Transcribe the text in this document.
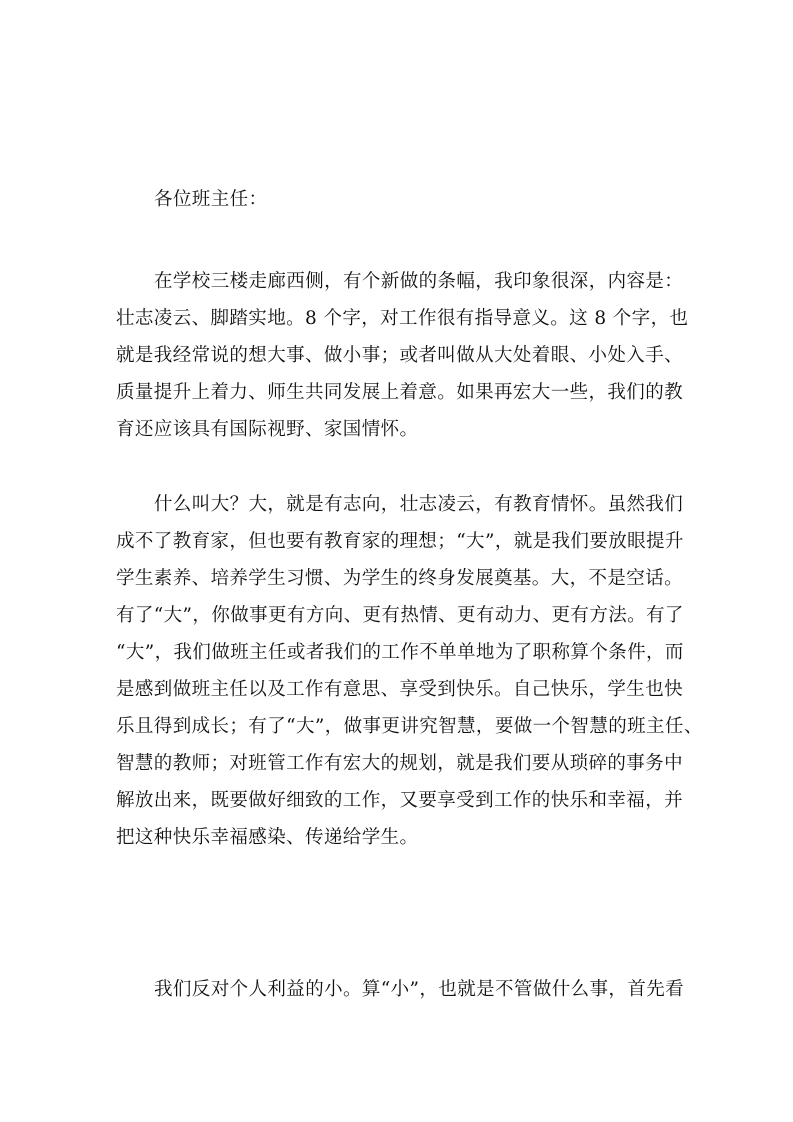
各位班主任：
在学校三楼走廊西侧，有个新做的条幅，我印象很深，内容是：
壮志凌云、脚踏实地。8 个字，对工作很有指导意义。这 8 个字，也
就是我经常说的想大事、做小事；或者叫做从大处着眼、小处入手、
质量提升上着力、师生共同发展上着意。如果再宏大一些，我们的教
育还应该具有国际视野、家国情怀。
什么叫大？大，就是有志向，壮志凌云，有教育情怀。虽然我们
成不了教育家，但也要有教育家的理想；“大”，就是我们要放眼提升
学生素养、培养学生习惯、为学生的终身发展奠基。大，不是空话。
有了“大”，你做事更有方向、更有热情、更有动力、更有方法。有了
“大”，我们做班主任或者我们的工作不单单地为了职称算个条件，而
是感到做班主任以及工作有意思、享受到快乐。自己快乐，学生也快
乐且得到成长；有了“大”，做事更讲究智慧，要做一个智慧的班主任、
智慧的教师；对班管工作有宏大的规划，就是我们要从琐碎的事务中
解放出来，既要做好细致的工作，又要享受到工作的快乐和幸福，并
把这种快乐幸福感染、传递给学生。
我们反对个人利益的小。算“小”，也就是不管做什么事，首先看
